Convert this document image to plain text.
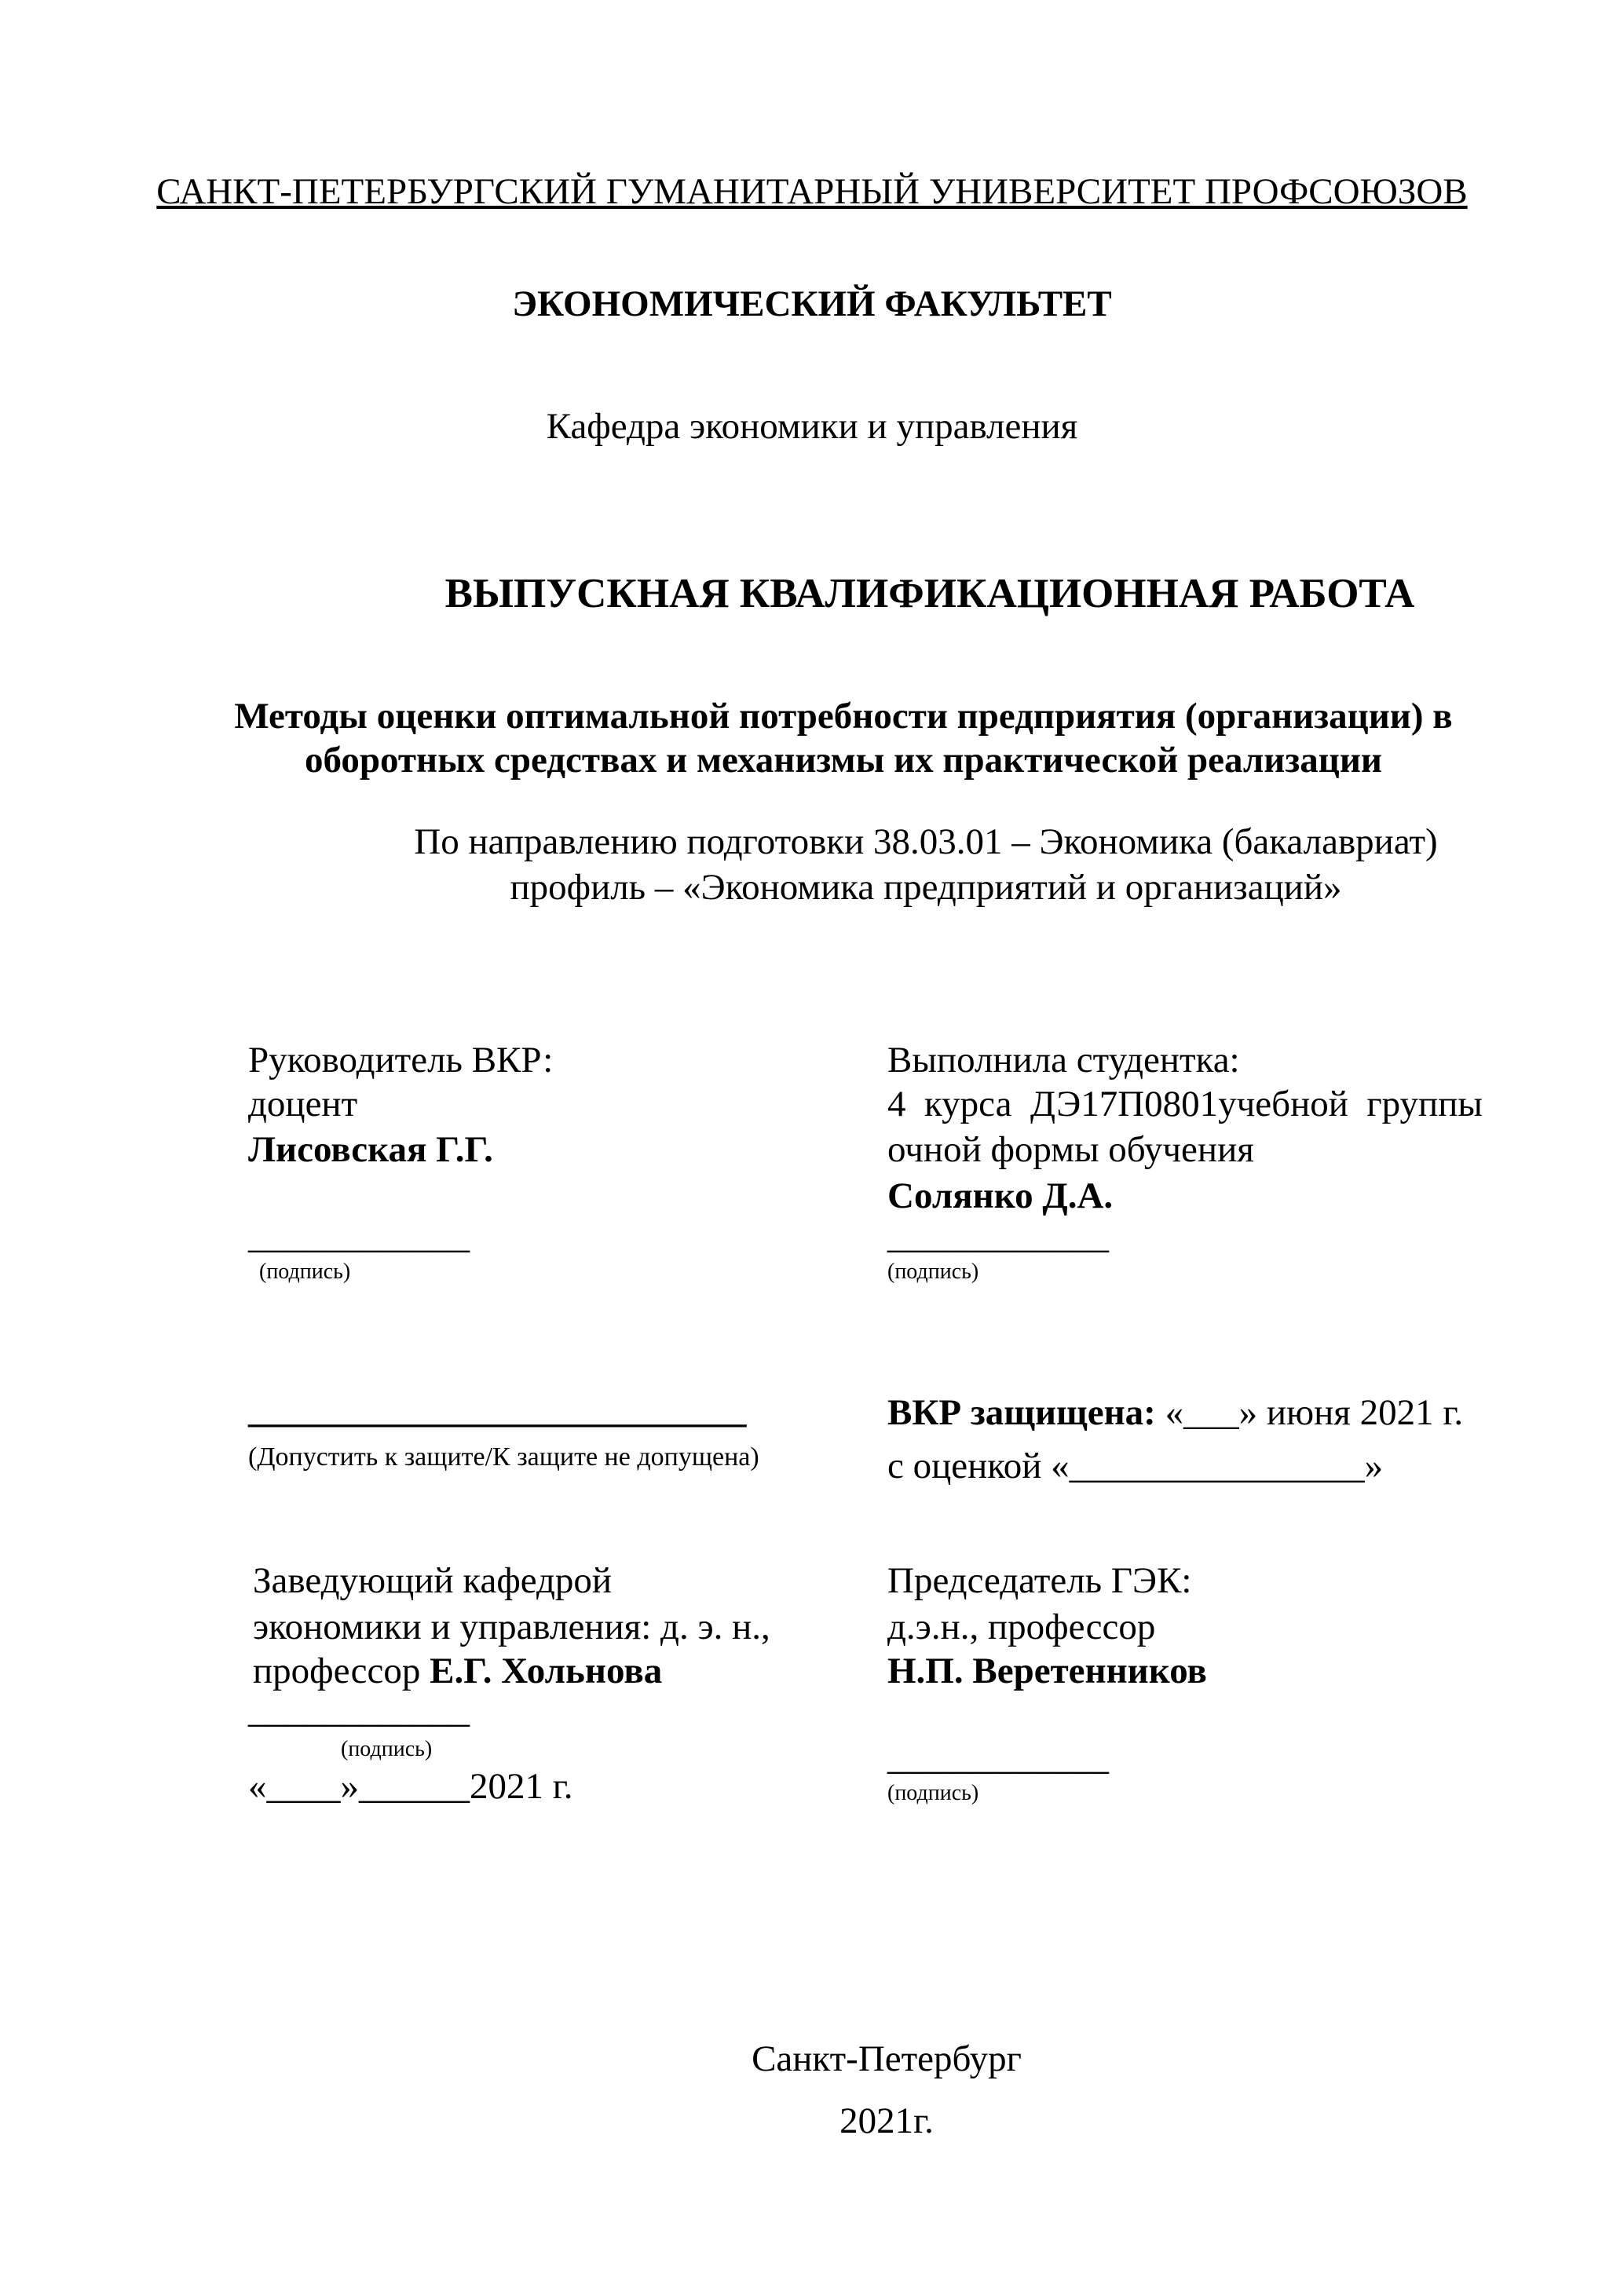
САНКТ-ПЕТЕРБУРГСКИЙ ГУМАНИТАРНЫЙ УНИВЕРСИТЕТ ПРОФСОЮЗОВ
ЭКОНОМИЧЕСКИЙ ФАКУЛЬТЕТ
Кафедра экономики и управления
ВЫПУСКНАЯ КВАЛИФИКАЦИОННАЯ РАБОТА
Методы оценки оптимальной потребности предприятия (организации) в
оборотных средствах и механизмы их практической реализации
По направлению подготовки 38.03.01 – Экономика (бакалавриат)
профиль – «Экономика предприятий и организаций»
Руководитель ВКР:
доцент
Лисовская Г.Г.
____________
(подпись)
Выполнила студентка:
4  курса  ДЭ17П0801учебной  группы
очной формы обучения
Солянко Д.А.
____________
(подпись)
___________________________
(Допустить к защите/К защите не допущена)
ВКР защищена: «___» июня 2021 г.
с оценкой «________________»
Заведующий кафедрой
экономики и управления: д. э. н.,
профессор Е.Г. Хольнова
____________
(подпись)
«____»______2021 г.
Председатель ГЭК:
д.э.н., профессор
Н.П. Веретенников
____________
(подпись)
Санкт-Петербург
2021г.
